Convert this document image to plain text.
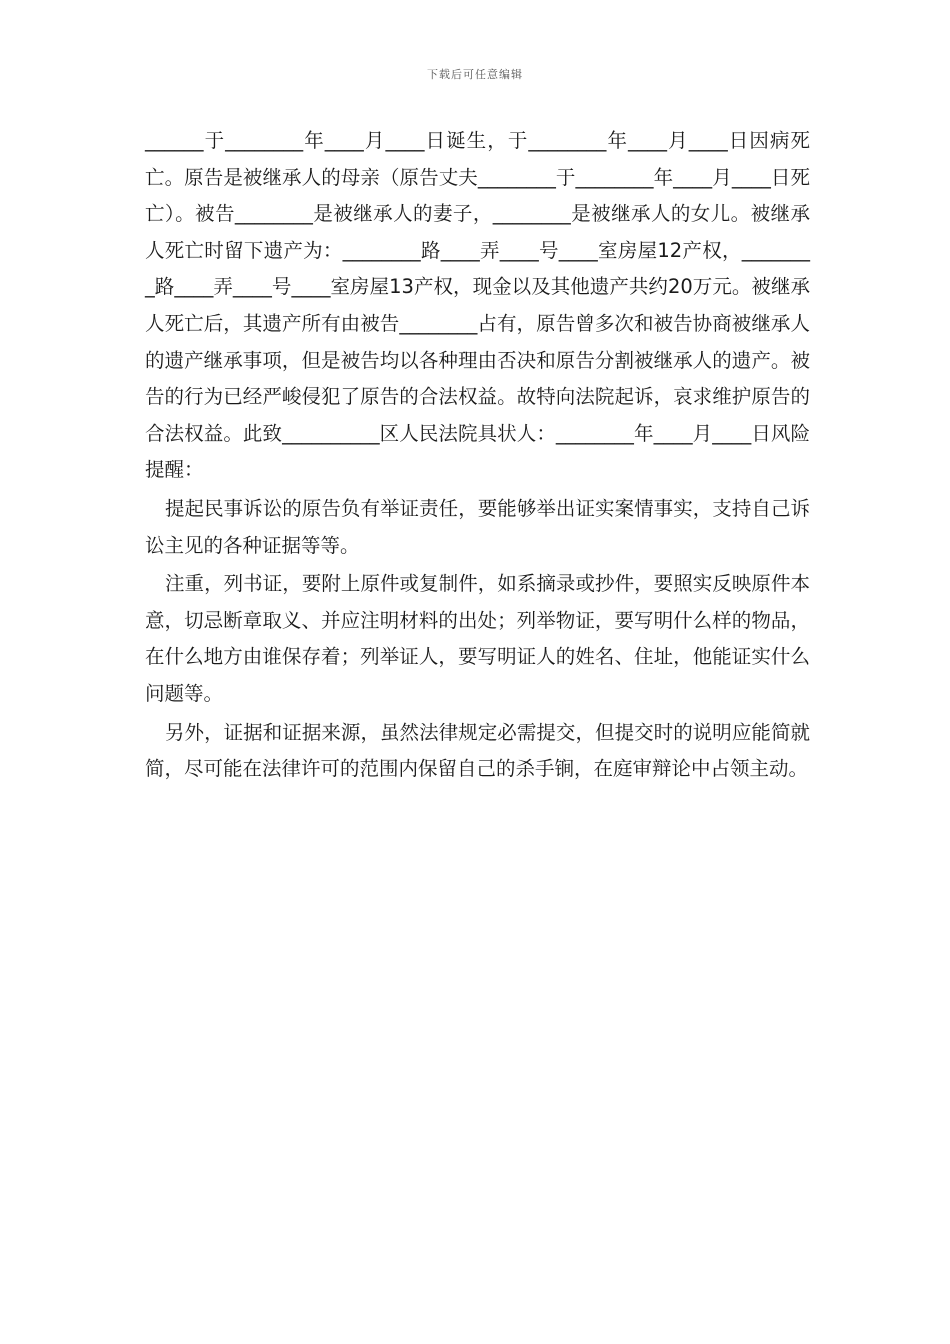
下载后可任意编辑

______于________年____月____日诞生，于________年____月____日因病死亡。原告是被继承人的母亲（原告丈夫________于________年____月____日死亡）。被告________是被继承人的妻子，________是被继承人的女儿。被继承人死亡时留下遗产为：________路____弄____号____室房屋12产权，________路____弄____号____室房屋13产权，现金以及其他遗产共约20万元。被继承人死亡后，其遗产所有由被告________占有，原告曾多次和被告协商被继承人的遗产继承事项，但是被告均以各种理由否决和原告分割被继承人的遗产。被告的行为已经严峻侵犯了原告的合法权益。故特向法院起诉，哀求维护原告的合法权益。此致__________区人民法院具状人：________年____月____日风险提醒：

提起民事诉讼的原告负有举证责任，要能够举出证实案情事实，支持自己诉讼主见的各种证据等等。

注重，列书证，要附上原件或复制件，如系摘录或抄件，要照实反映原件本意，切忌断章取义、并应注明材料的出处；列举物证，要写明什么样的物品，在什么地方由谁保存着；列举证人，要写明证人的姓名、住址，他能证实什么问题等。

另外，证据和证据来源，虽然法律规定必需提交，但提交时的说明应能简就简，尽可能在法律许可的范围内保留自己的杀手锏，在庭审辩论中占领主动。
